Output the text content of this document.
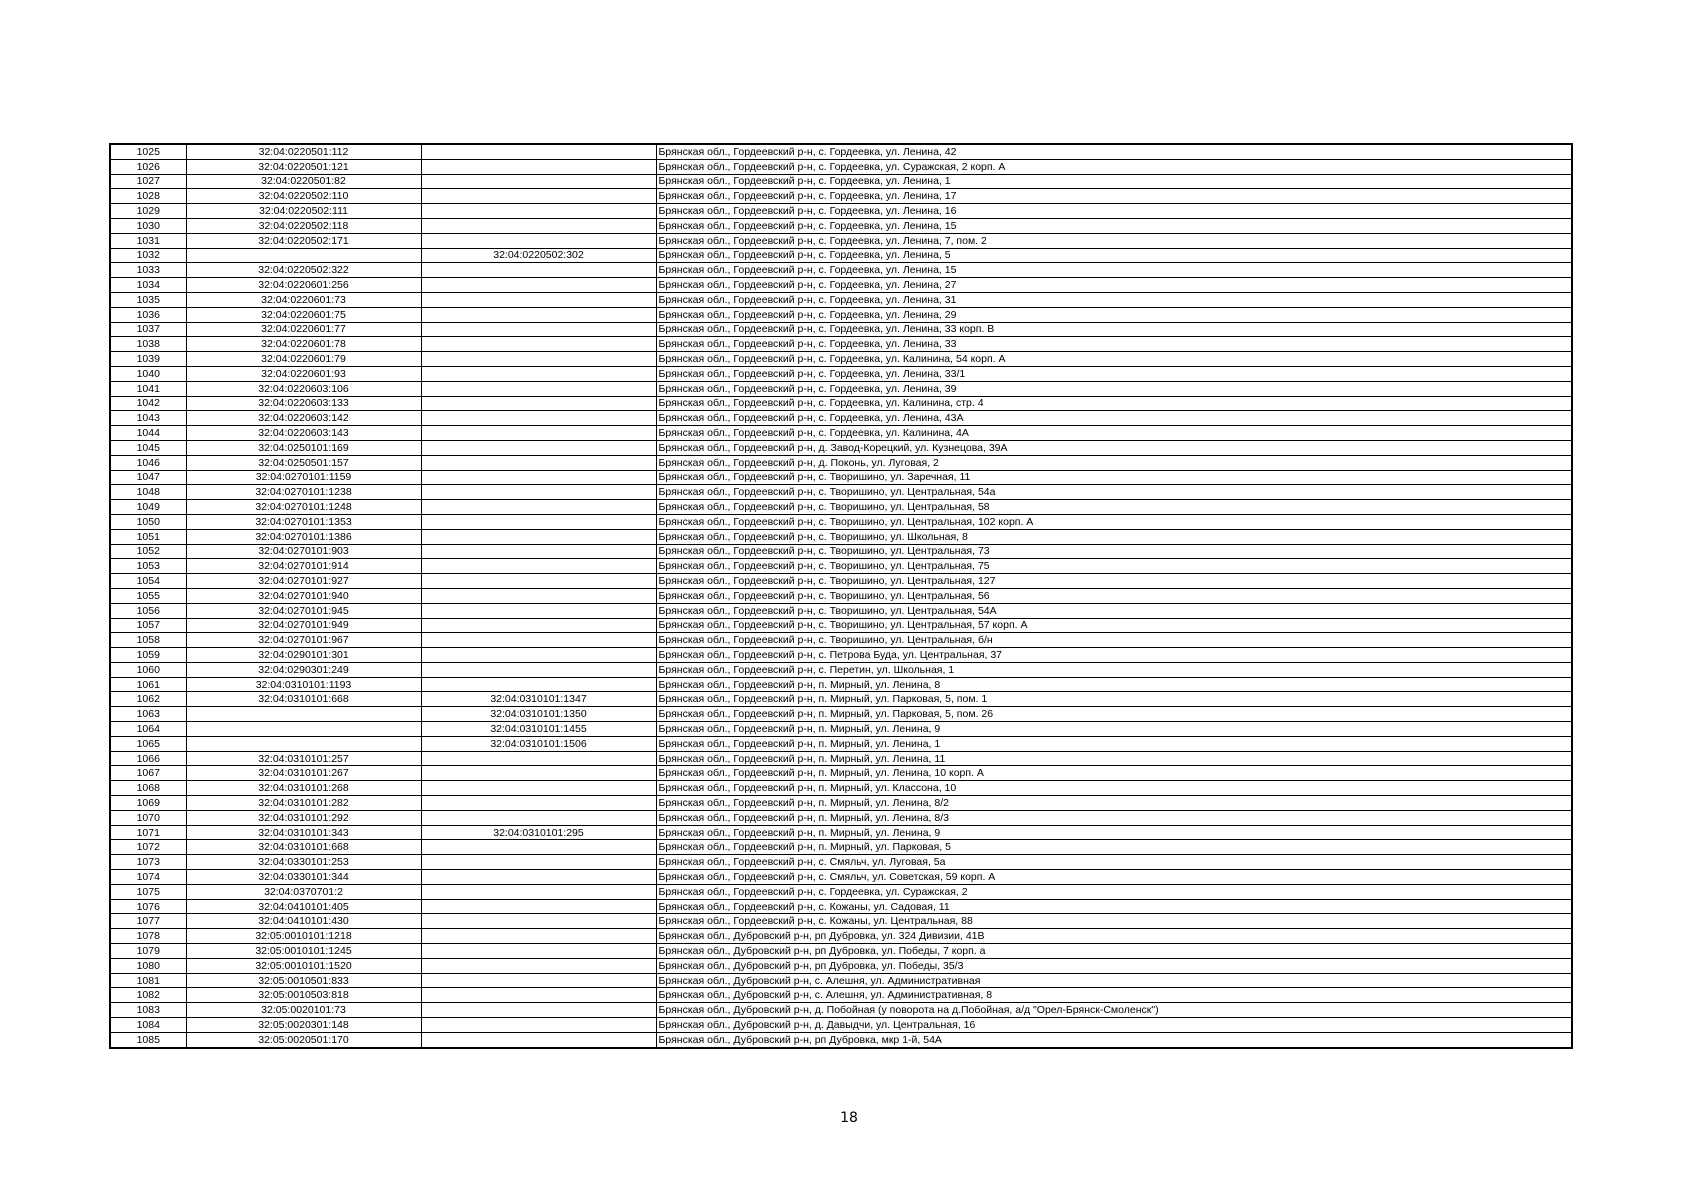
1025	32:04:0220501:112		Брянская обл., Гордеевский р-н, с. Гордеевка, ул. Ленина, 42
1026	32:04:0220501:121		Брянская обл., Гордеевский р-н, с. Гордеевка, ул. Суражская, 2 корп. А
1027	32:04:0220501:82		Брянская обл., Гордеевский р-н, с. Гордеевка, ул. Ленина, 1
1028	32:04:0220502:110		Брянская обл., Гордеевский р-н, с. Гордеевка, ул. Ленина, 17
1029	32:04:0220502:111		Брянская обл., Гордеевский р-н, с. Гордеевка, ул. Ленина, 16
1030	32:04:0220502:118		Брянская обл., Гордеевский р-н, с. Гордеевка, ул. Ленина, 15
1031	32:04:0220502:171		Брянская обл., Гордеевский р-н, с. Гордеевка, ул. Ленина, 7, пом. 2
1032		32:04:0220502:302	Брянская обл., Гордеевский р-н, с. Гордеевка, ул. Ленина, 5
1033	32:04:0220502:322		Брянская обл., Гордеевский р-н, с. Гордеевка, ул. Ленина, 15
1034	32:04:0220601:256		Брянская обл., Гордеевский р-н, с. Гордеевка, ул. Ленина, 27
1035	32:04:0220601:73		Брянская обл., Гордеевский р-н, с. Гордеевка, ул. Ленина, 31
1036	32:04:0220601:75		Брянская обл., Гордеевский р-н, с. Гордеевка, ул. Ленина, 29
1037	32:04:0220601:77		Брянская обл., Гордеевский р-н, с. Гордеевка, ул. Ленина, 33 корп. В
1038	32:04:0220601:78		Брянская обл., Гордеевский р-н, с. Гордеевка, ул. Ленина, 33
1039	32:04:0220601:79		Брянская обл., Гордеевский р-н, с. Гордеевка, ул. Калинина, 54 корп. А
1040	32:04:0220601:93		Брянская обл., Гордеевский р-н, с. Гордеевка, ул. Ленина, 33/1
1041	32:04:0220603:106		Брянская обл., Гордеевский р-н, с. Гордеевка, ул. Ленина, 39
1042	32:04:0220603:133		Брянская обл., Гордеевский р-н, с. Гордеевка, ул. Калинина, стр. 4
1043	32:04:0220603:142		Брянская обл., Гордеевский р-н, с. Гордеевка, ул. Ленина, 43А
1044	32:04:0220603:143		Брянская обл., Гордеевский р-н, с. Гордеевка, ул. Калинина, 4А
1045	32:04:0250101:169		Брянская обл., Гордеевский р-н, д. Завод-Корецкий, ул. Кузнецова, 39А
1046	32:04:0250501:157		Брянская обл., Гордеевский р-н, д. Поконь, ул. Луговая, 2
1047	32:04:0270101:1159		Брянская обл., Гордеевский р-н, с. Творишино, ул. Заречная, 11
1048	32:04:0270101:1238		Брянская обл., Гордеевский р-н, с. Творишино, ул. Центральная, 54а
1049	32:04:0270101:1248		Брянская обл., Гордеевский р-н, с. Творишино, ул. Центральная, 58
1050	32:04:0270101:1353		Брянская обл., Гордеевский р-н, с. Творишино, ул. Центральная, 102 корп. А
1051	32:04:0270101:1386		Брянская обл., Гордеевский р-н, с. Творишино, ул. Школьная, 8
1052	32:04:0270101:903		Брянская обл., Гордеевский р-н, с. Творишино, ул. Центральная, 73
1053	32:04:0270101:914		Брянская обл., Гордеевский р-н, с. Творишино, ул. Центральная, 75
1054	32:04:0270101:927		Брянская обл., Гордеевский р-н, с. Творишино, ул. Центральная, 127
1055	32:04:0270101:940		Брянская обл., Гордеевский р-н, с. Творишино, ул. Центральная, 56
1056	32:04:0270101:945		Брянская обл., Гордеевский р-н, с. Творишино, ул. Центральная, 54А
1057	32:04:0270101:949		Брянская обл., Гордеевский р-н, с. Творишино, ул. Центральная, 57 корп. А
1058	32:04:0270101:967		Брянская обл., Гордеевский р-н, с. Творишино, ул. Центральная, б/н
1059	32:04:0290101:301		Брянская обл., Гордеевский р-н, с. Петрова Буда, ул. Центральная, 37
1060	32:04:0290301:249		Брянская обл., Гордеевский р-н, с. Перетин, ул. Школьная, 1
1061	32:04:0310101:1193		Брянская обл., Гордеевский р-н, п. Мирный, ул. Ленина, 8
1062	32:04:0310101:668	32:04:0310101:1347	Брянская обл., Гордеевский р-н, п. Мирный, ул. Парковая, 5, пом. 1
1063		32:04:0310101:1350	Брянская обл., Гордеевский р-н, п. Мирный, ул. Парковая, 5, пом. 26
1064		32:04:0310101:1455	Брянская обл., Гордеевский р-н, п. Мирный, ул. Ленина, 9
1065		32:04:0310101:1506	Брянская обл., Гордеевский р-н, п. Мирный, ул. Ленина, 1
1066	32:04:0310101:257		Брянская обл., Гордеевский р-н, п. Мирный, ул. Ленина, 11
1067	32:04:0310101:267		Брянская обл., Гордеевский р-н, п. Мирный, ул. Ленина, 10 корп. А
1068	32:04:0310101:268		Брянская обл., Гордеевский р-н, п. Мирный, ул. Классона, 10
1069	32:04:0310101:282		Брянская обл., Гордеевский р-н, п. Мирный, ул. Ленина, 8/2
1070	32:04:0310101:292		Брянская обл., Гордеевский р-н, п. Мирный, ул. Ленина, 8/3
1071	32:04:0310101:343	32:04:0310101:295	Брянская обл., Гордеевский р-н, п. Мирный, ул. Ленина, 9
1072	32:04:0310101:668		Брянская обл., Гордеевский р-н, п. Мирный, ул. Парковая, 5
1073	32:04:0330101:253		Брянская обл., Гордеевский р-н, с. Смяльч, ул. Луговая, 5а
1074	32:04:0330101:344		Брянская обл., Гордеевский р-н, с. Смяльч, ул. Советская, 59 корп. А
1075	32:04:0370701:2		Брянская обл., Гордеевский р-н, с. Гордеевка, ул. Суражская, 2
1076	32:04:0410101:405		Брянская обл., Гордеевский р-н, с. Кожаны, ул. Садовая, 11
1077	32:04:0410101:430		Брянская обл., Гордеевский р-н, с. Кожаны, ул. Центральная, 88
1078	32:05:0010101:1218		Брянская обл., Дубровский р-н, рп Дубровка, ул. 324 Дивизии, 41В
1079	32:05:0010101:1245		Брянская обл., Дубровский р-н, рп Дубровка, ул. Победы, 7 корп. а
1080	32:05:0010101:1520		Брянская обл., Дубровский р-н, рп Дубровка, ул. Победы, 35/3
1081	32:05:0010501:833		Брянская обл., Дубровский р-н, с. Алешня, ул. Административная
1082	32:05:0010503:818		Брянская обл., Дубровский р-н, с. Алешня, ул. Административная, 8
1083	32:05:0020101:73		Брянская обл., Дубровский р-н, д. Побойная (у поворота на д.Побойная, а/д "Орел-Брянск-Смоленск")
1084	32:05:0020301:148		Брянская обл., Дубровский р-н, д. Давыдчи, ул. Центральная, 16
1085	32:05:0020501:170		Брянская обл., Дубровский р-н, рп Дубровка, мкр 1-й, 54А
18
